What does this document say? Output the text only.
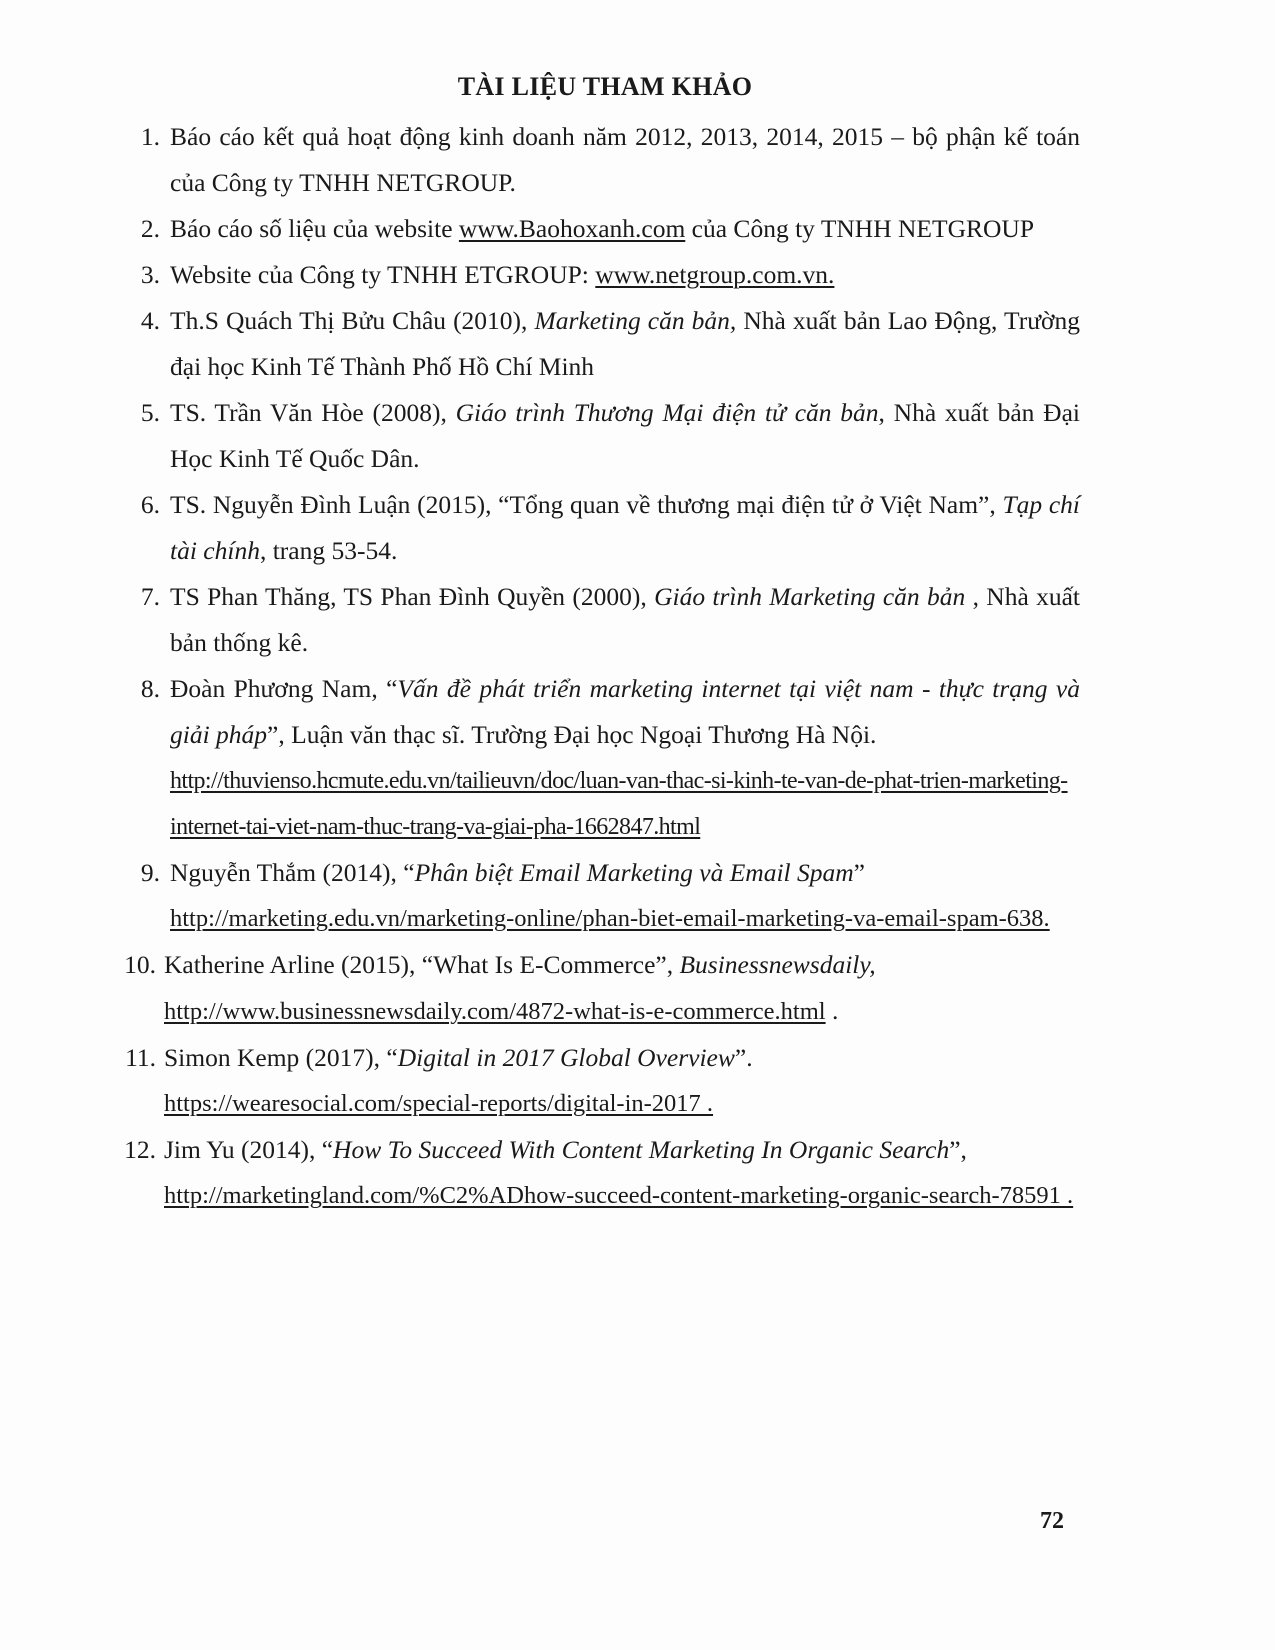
TÀI LIỆU THAM KHẢO
1. Báo cáo kết quả hoạt động kinh doanh năm 2012, 2013, 2014, 2015 – bộ phận kế toán của Công ty TNHH NETGROUP.
2. Báo cáo số liệu của website www.Baohoxanh.com của Công ty TNHH NETGROUP
3. Website của Công ty TNHH ETGROUP: www.netgroup.com.vn.
4. Th.S Quách Thị Bửu Châu (2010), Marketing căn bản, Nhà xuất bản Lao Động, Trường đại học Kinh Tế Thành Phố Hồ Chí Minh
5. TS. Trần Văn Hòe (2008), Giáo trình Thương Mại điện tử căn bản, Nhà xuất bản Đại Học Kinh Tế Quốc Dân.
6. TS. Nguyễn Đình Luận (2015), “Tổng quan về thương mại điện tử ở Việt Nam”, Tạp chí tài chính, trang 53-54.
7. TS Phan Thăng, TS Phan Đình Quyền (2000), Giáo trình Marketing căn bản , Nhà xuất bản thống kê.
8. Đoàn Phương Nam, “Vấn đề phát triển marketing internet tại việt nam - thực trạng và giải pháp”, Luận văn thạc sĩ. Trường Đại học Ngoại Thương Hà Nội.
http://thuvienso.hcmute.edu.vn/tailieuvn/doc/luan-van-thac-si-kinh-te-van-de-phat-trien-marketing-internet-tai-viet-nam-thuc-trang-va-giai-pha-1662847.html
9. Nguyễn Thắm (2014), “Phân biệt Email Marketing và Email Spam”
http://marketing.edu.vn/marketing-online/phan-biet-email-marketing-va-email-spam-638.
10. Katherine Arline (2015), “What Is E-Commerce”, Businessnewsdaily,
http://www.businessnewsdaily.com/4872-what-is-e-commerce.html .
11. Simon Kemp (2017), “Digital in 2017 Global Overview”.
https://wearesocial.com/special-reports/digital-in-2017 .
12. Jim Yu (2014), “How To Succeed With Content Marketing In Organic Search”,
http://marketingland.com/%C2%ADhow-succeed-content-marketing-organic-search-78591 .
72
